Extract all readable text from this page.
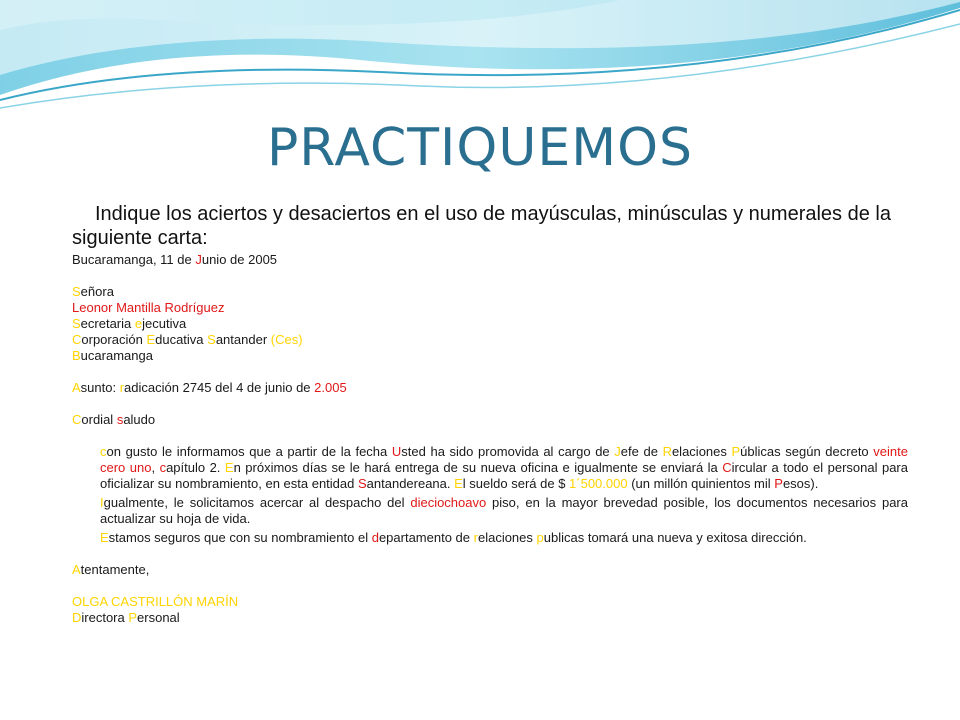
PRACTIQUEMOS
Indique los aciertos y desaciertos en el uso de mayúsculas, minúsculas y numerales de la siguiente carta:
Bucaramanga, 11 de Junio de 2005
Señora
Leonor Mantilla Rodríguez
Secretaria ejecutiva
Corporación Educativa Santander (Ces)
Bucaramanga
Asunto: radicación 2745 del 4 de junio de 2.005
Cordial saludo
con gusto le informamos que a partir de la fecha Usted ha sido promovida al cargo de Jefe de Relaciones Públicas según decreto veinte cero uno, capítulo 2. En próximos días se le hará entrega de su nueva oficina e igualmente se enviará la Circular a todo el personal para oficializar su nombramiento, en esta entidad Santandereana. El sueldo será de $ 1´500.000 (un millón quinientos mil Pesos).
Igualmente, le solicitamos acercar al despacho del dieciochoavo piso, en la mayor brevedad posible, los documentos necesarios para actualizar su hoja de vida.
Estamos seguros que con su nombramiento el departamento de relaciones publicas tomará una nueva y exitosa dirección.
Atentamente,
OLGA CASTRILLÓN MARÍN
Directora Personal
